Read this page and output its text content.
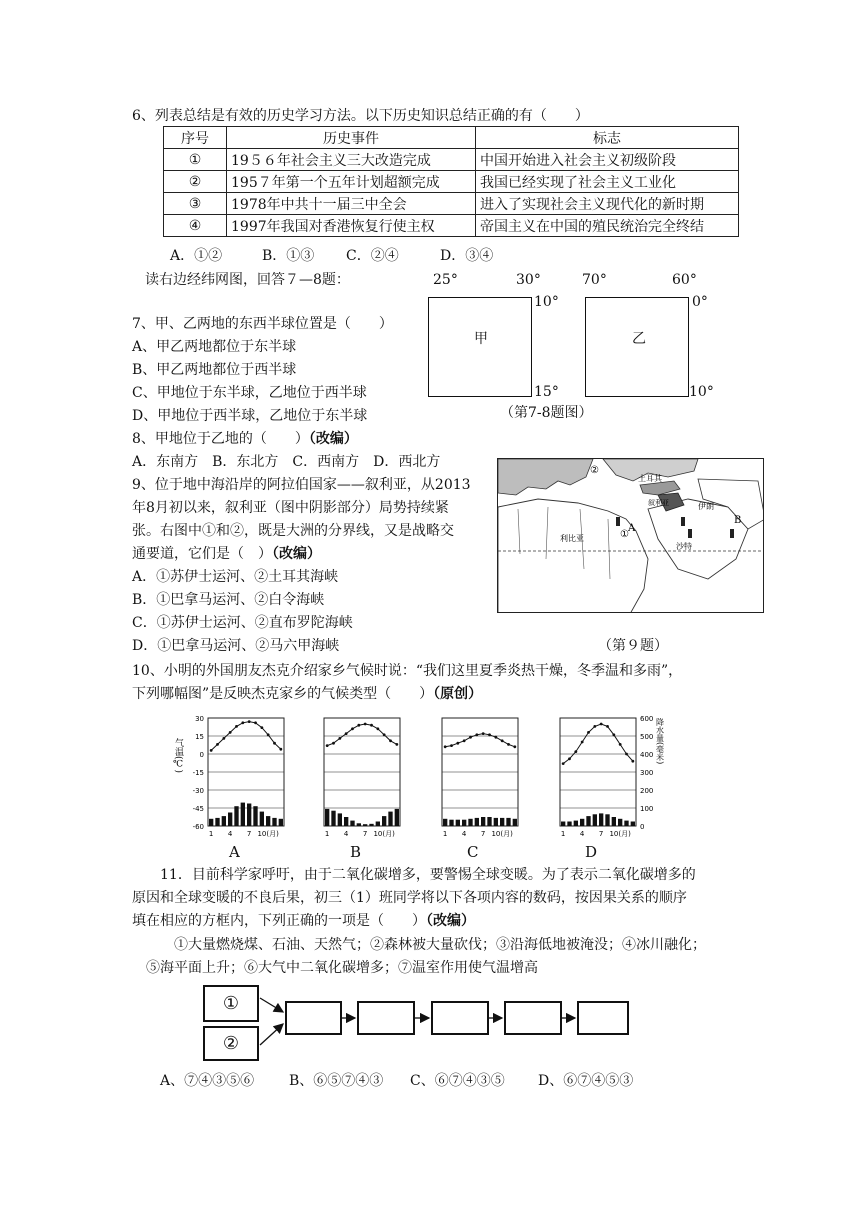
6、列表总结是有效的历史学习方法。以下历史知识总结正确的有（　　）
序号	历史事件	标志
①	19５６年社会主义三大改造完成	中国开始进入社会主义初级阶段
②	195７年第一个五年计划超额完成	我国已经实现了社会主义工业化
③	1978年中共十一届三中全会	进入了实现社会主义现代化的新时期
④	1997年我国对香港恢复行使主权	帝国主义在中国的殖民统治完全终结
A．①②	B．①③ C．②④	D．③④
读右边经纬网图，回答７—8题：	25°	30°	70°	60°
甲
10°
15°
乙
0°
10°
（第7-8题图）
7、甲、乙两地的东西半球位置是（　　）
A、甲乙两地都位于东半球
B、甲乙两地都位于西半球
C、甲地位于东半球，乙地位于西半球
D、甲地位于西半球，乙地位于东半球
8、甲地位于乙地的（　　）（改编）
A．东南方　B．东北方　C．西南方　D．西北方
9、位于地中海沿岸的阿拉伯国家——叙利亚，从2013
年8月初以来，叙利亚（图中阴影部分）局势持续紧
张。右图中①和②，既是大洲的分界线，又是战略交
通要道，它们是（　）（改编）
A．①苏伊士运河、②土耳其海峡
B．①巴拿马运河、②白令海峡
C．①苏伊士运河、②直布罗陀海峡
D．①巴拿马运河、②马六甲海峡
②
①
利比亚
叙利亚	伊朗
沙特
土耳其
B
A
（第９题）
10、小明的外国朋友杰克介绍家乡气候时说：“我们这里夏季炎热干燥，冬季温和多雨”，
下列哪幅图”是反映杰克家乡的气候类型（　　）（原创）
气温(℃)
30
15
0
-15
-30
-45
-60
600
500
400
300
200
100
0
降水量(毫米)
1 4 7 10(月)	1 4 7 10(月)	1 4 7 10(月)	1 4 7 10(月)
A	B	C	D
11．目前科学家呼吁，由于二氧化碳增多，要警惕全球变暖。为了表示二氧化碳增多的
原因和全球变暖的不良后果，初三（1）班同学将以下各项内容的数码，按因果关系的顺序
填在相应的方框内，下列正确的一项是（　　）（改编）
①大量燃烧煤、石油、天然气；②森林被大量砍伐；③沿海低地被淹没；④冰川融化；
⑤海平面上升；⑥大气中二氧化碳增多；⑦温室作用使气温增高
①
②
A、⑦④③⑤⑥ B、⑥⑤⑦④③ C、⑥⑦④③⑤ D、⑥⑦④⑤③
